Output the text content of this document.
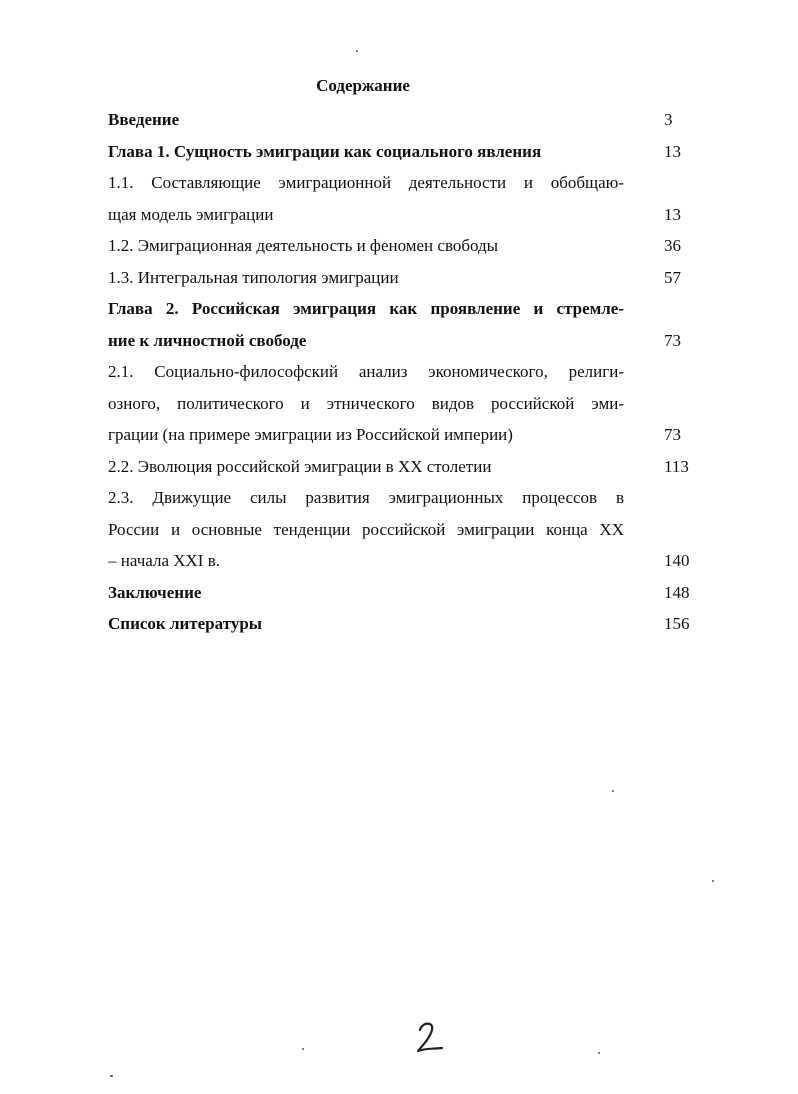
Содержание
Введение	3
Глава 1. Сущность эмиграции как социального явления	13
1.1. Составляющие эмиграционной деятельности и обобщаю-
щая модель эмиграции	13
1.2. Эмиграционная деятельность и феномен свободы	36
1.3. Интегральная типология эмиграции	57
Глава 2. Российская эмиграция как проявление и стремле-
ние к личностной свободе	73
2.1. Социально-философский анализ экономического, религи-
озного, политического и этнического видов российской эми-
грации (на примере эмиграции из Российской империи)	73
2.2. Эволюция российской эмиграции в XX столетии	113
2.3. Движущие силы развития эмиграционных процессов в
России и основные тенденции российской эмиграции конца XX
– начала XXI в.	140
Заключение	148
Список литературы	156
